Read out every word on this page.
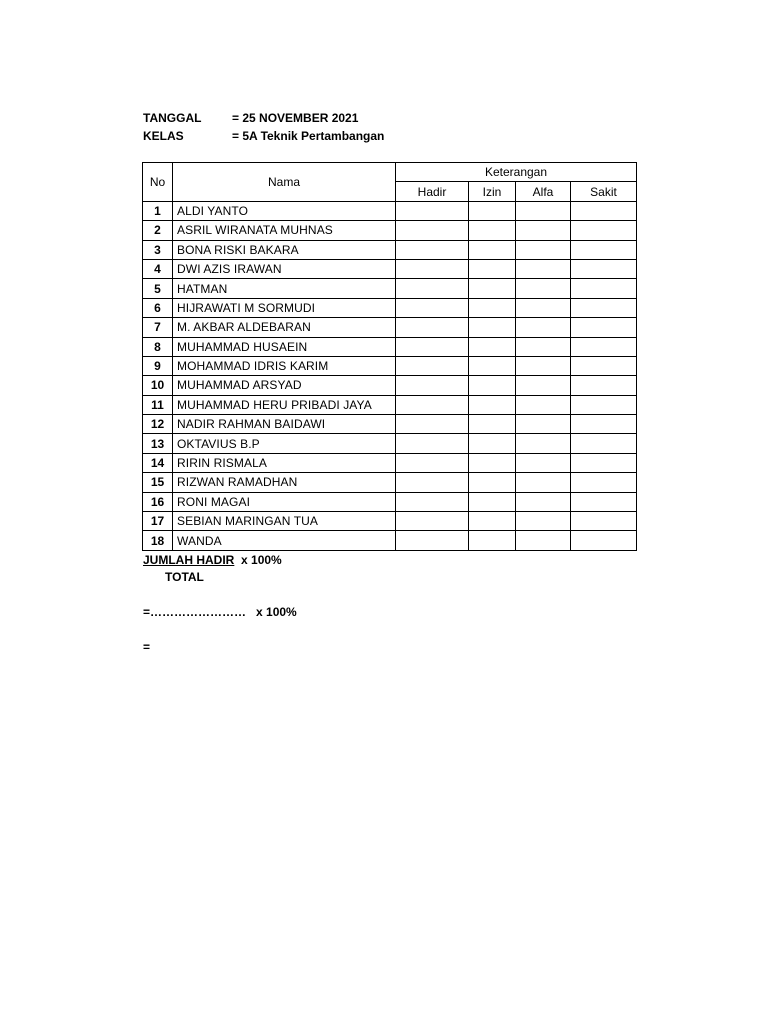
TANGGAL	= 25 NOVEMBER 2021
KELAS	= 5A Teknik Pertambangan
No	Nama	Keterangan			
		Hadir	Izin	Alfa	Sakit
1	ALDI YANTO				
2	ASRIL WIRANATA MUHNAS				
3	BONA RISKI BAKARA				
4	DWI AZIS IRAWAN				
5	HATMAN				
6	HIJRAWATI M SORMUDI				
7	M. AKBAR ALDEBARAN				
8	MUHAMMAD HUSAEIN				
9	MOHAMMAD IDRIS KARIM				
10	MUHAMMAD ARSYAD				
11	MUHAMMAD HERU PRIBADI JAYA				
12	NADIR RAHMAN BAIDAWI				
13	OKTAVIUS B.P				
14	RIRIN RISMALA				
15	RIZWAN RAMADHAN				
16	RONI MAGAI				
17	SEBIAN MARINGAN TUA				
18	WANDA				
JUMLAH HADIR x 100%
TOTAL
=…………………… x 100%
=
